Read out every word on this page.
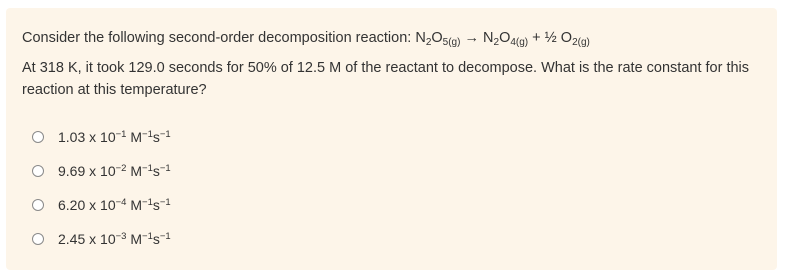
Consider the following second-order decomposition reaction: $N_2O_{5(g)} \to N_2O_{4(g)}$ + ½ $O_{2(g)}$
At 318 K, it took 129.0 seconds for 50% of 12.5 M of the reactant to decompose. What is the rate constant for this reaction at this temperature?
1.03 x $10^{-1}$ $M^{-1}s^{-1}$
9.69 x $10^{-2}$ $M^{-1}s^{-1}$
6.20 x $10^{-4}$ $M^{-1}s^{-1}$
2.45 x $10^{-3}$ $M^{-1}s^{-1}$
